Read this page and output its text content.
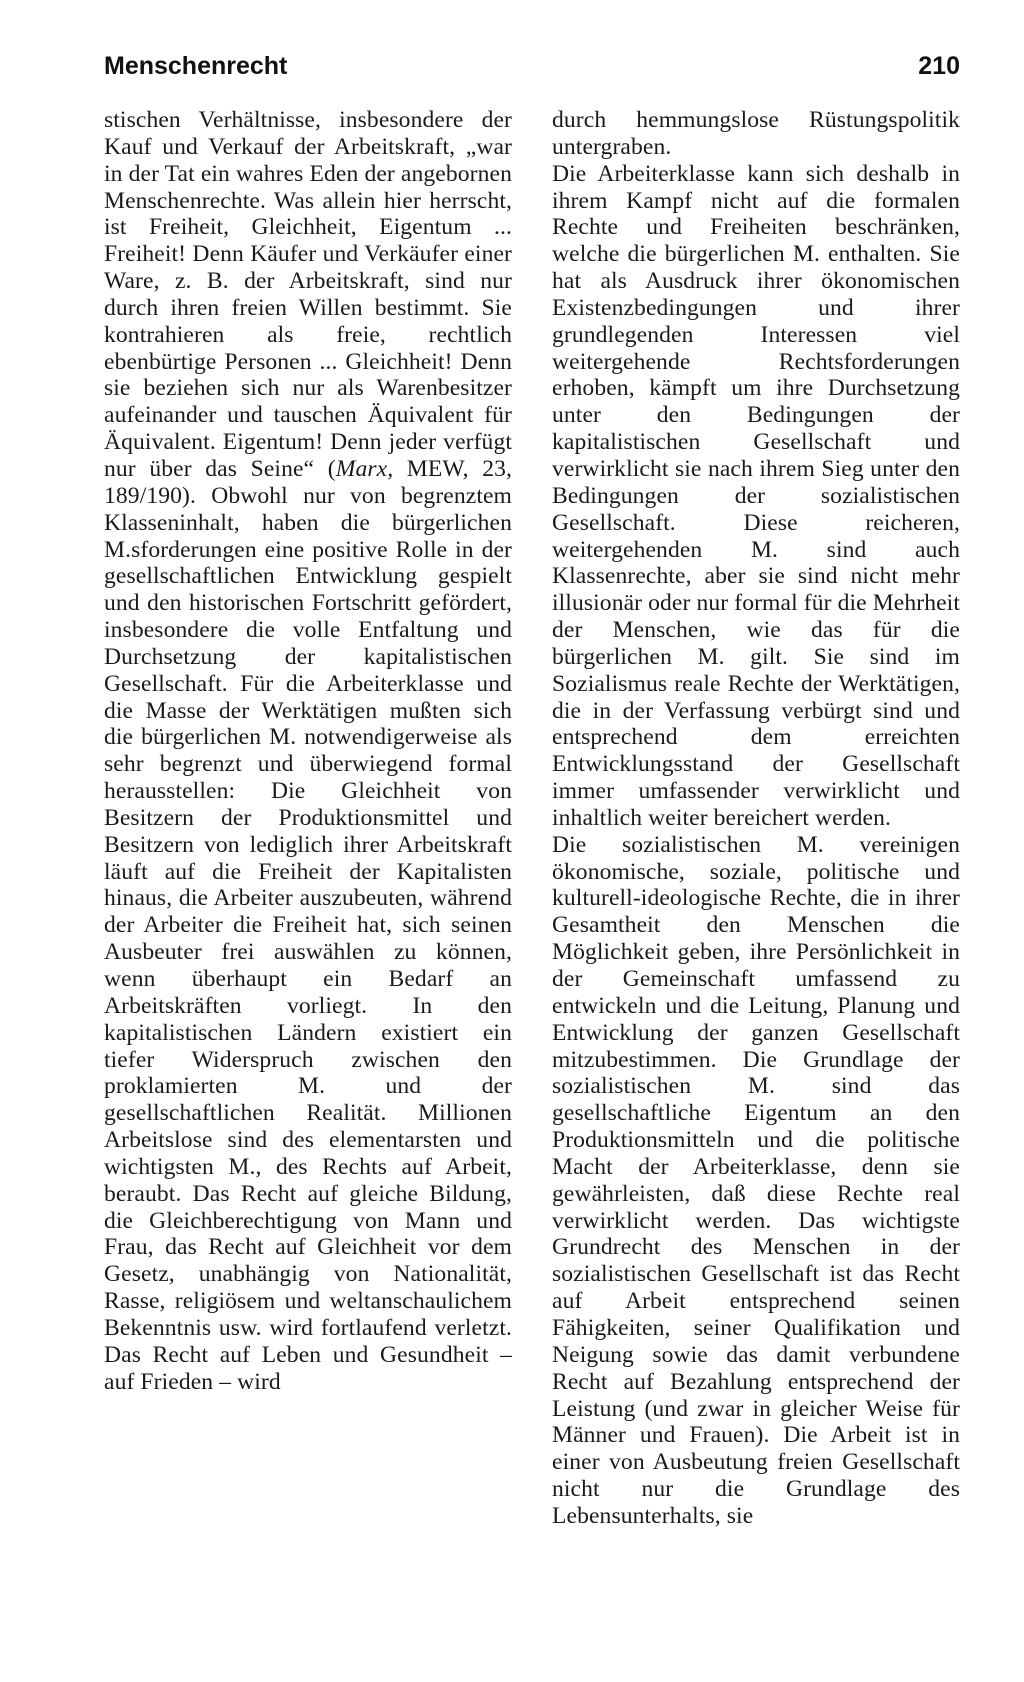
Menschenrecht	210

stischen Verhältnisse, insbesondere der Kauf und Verkauf der Arbeitskraft, „war in der Tat ein wahres Eden der angebornen Menschenrechte. Was allein hier herrscht, ist Freiheit, Gleichheit, Eigentum ... Freiheit! Denn Käufer und Verkäufer einer Ware, z. B. der Arbeitskraft, sind nur durch ihren freien Willen bestimmt. Sie kontrahieren als freie, rechtlich ebenbürtige Personen ... Gleichheit! Denn sie beziehen sich nur als Warenbesitzer aufeinander und tauschen Äquivalent für Äquivalent. Eigentum! Denn jeder verfügt nur über das Seine“ (Marx, MEW, 23, 189/190). Obwohl nur von begrenztem Klasseninhalt, haben die bürgerlichen M.sforderungen eine positive Rolle in der gesellschaftlichen Entwicklung gespielt und den historischen Fortschritt gefördert, insbesondere die volle Entfaltung und Durchsetzung der kapitalistischen Gesellschaft. Für die Arbeiterklasse und die Masse der Werktätigen mußten sich die bürgerlichen M. notwendigerweise als sehr begrenzt und überwiegend formal herausstellen: Die Gleichheit von Besitzern der Produktionsmittel und Besitzern von lediglich ihrer Arbeitskraft läuft auf die Freiheit der Kapitalisten hinaus, die Arbeiter auszubeuten, während der Arbeiter die Freiheit hat, sich seinen Ausbeuter frei auswählen zu können, wenn überhaupt ein Bedarf an Arbeitskräften vorliegt. In den kapitalistischen Ländern existiert ein tiefer Widerspruch zwischen den proklamierten M. und der gesellschaftlichen Realität. Millionen Arbeitslose sind des elementarsten und wichtigsten M., des Rechts auf Arbeit, beraubt. Das Recht auf gleiche Bildung, die Gleichberechtigung von Mann und Frau, das Recht auf Gleichheit vor dem Gesetz, unabhängig von Nationalität, Rasse, religiösem und weltanschaulichem Bekenntnis usw. wird fortlaufend verletzt. Das Recht auf Leben und Gesundheit – auf Frieden – wird

durch hemmungslose Rüstungspolitik untergraben.

Die Arbeiterklasse kann sich deshalb in ihrem Kampf nicht auf die formalen Rechte und Freiheiten beschränken, welche die bürgerlichen M. enthalten. Sie hat als Ausdruck ihrer ökonomischen Existenzbedingungen und ihrer grundlegenden Interessen viel weitergehende Rechtsforderungen erhoben, kämpft um ihre Durchsetzung unter den Bedingungen der kapitalistischen Gesellschaft und verwirklicht sie nach ihrem Sieg unter den Bedingungen der sozialistischen Gesellschaft. Diese reicheren, weitergehenden M. sind auch Klassenrechte, aber sie sind nicht mehr illusionär oder nur formal für die Mehrheit der Menschen, wie das für die bürgerlichen M. gilt. Sie sind im Sozialismus reale Rechte der Werktätigen, die in der Verfassung verbürgt sind und entsprechend dem erreichten Entwicklungsstand der Gesellschaft immer umfassender verwirklicht und inhaltlich weiter bereichert werden.

Die sozialistischen M. vereinigen ökonomische, soziale, politische und kulturell-ideologische Rechte, die in ihrer Gesamtheit den Menschen die Möglichkeit geben, ihre Persönlichkeit in der Gemeinschaft umfassend zu entwickeln und die Leitung, Planung und Entwicklung der ganzen Gesellschaft mitzubestimmen. Die Grundlage der sozialistischen M. sind das gesellschaftliche Eigentum an den Produktionsmitteln und die politische Macht der Arbeiterklasse, denn sie gewährleisten, daß diese Rechte real verwirklicht werden. Das wichtigste Grundrecht des Menschen in der sozialistischen Gesellschaft ist das Recht auf Arbeit entsprechend seinen Fähigkeiten, seiner Qualifikation und Neigung sowie das damit verbundene Recht auf Bezahlung entsprechend der Leistung (und zwar in gleicher Weise für Männer und Frauen). Die Arbeit ist in einer von Ausbeutung freien Gesellschaft nicht nur die Grundlage des Lebensunterhalts, sie
